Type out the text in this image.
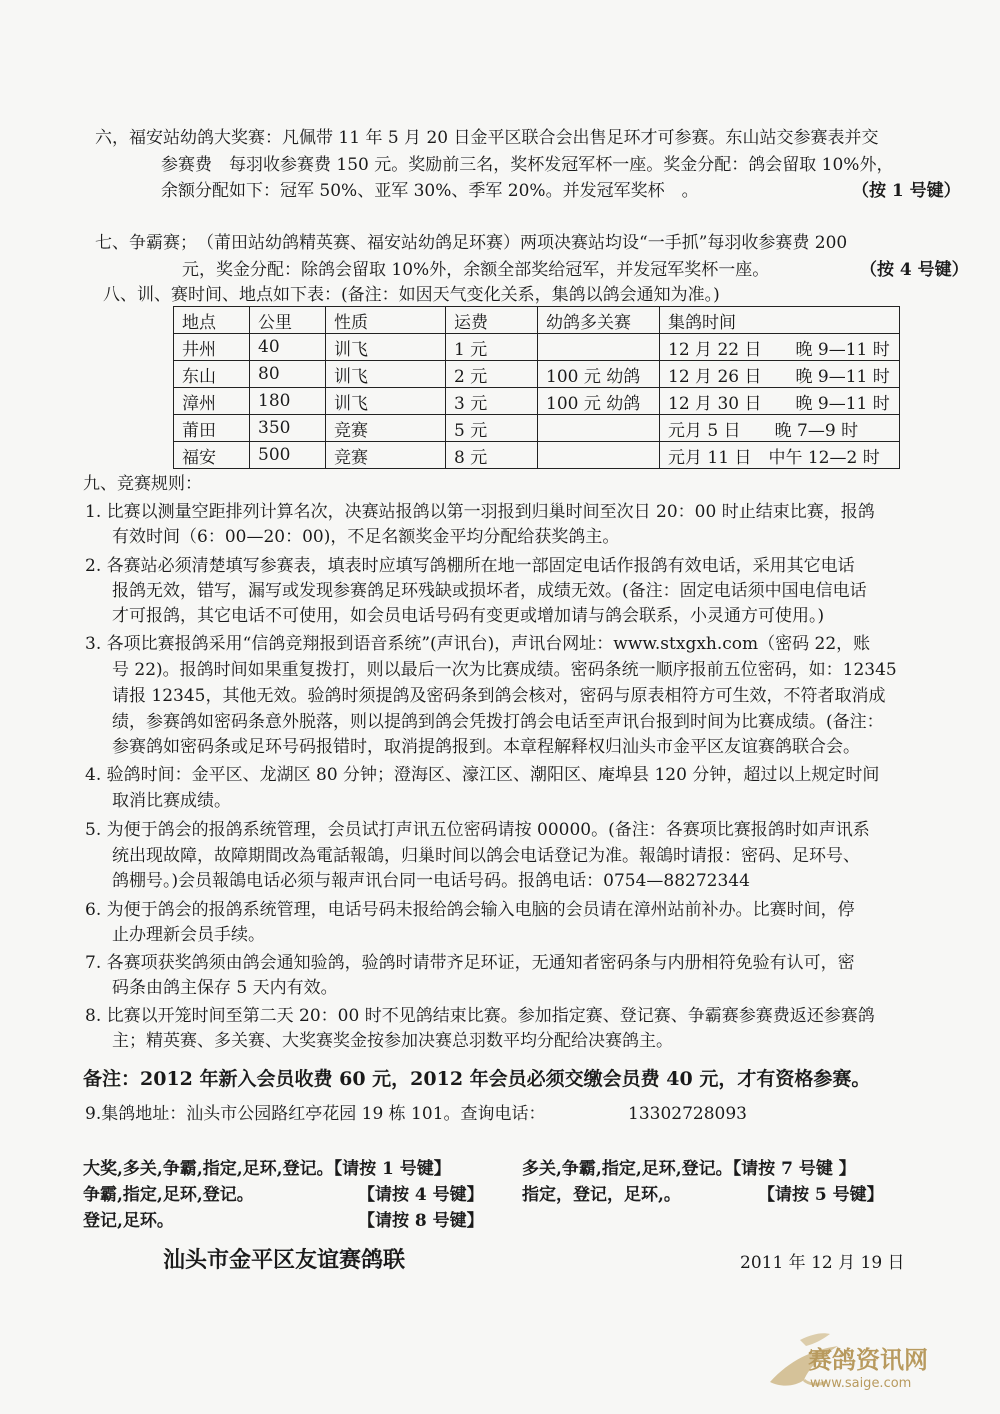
六，福安站幼鸽大奖赛：凡佩带 11 年 5 月 20 日金平区联合会出售足环才可参赛。东山站交参赛表并交
参赛费　每羽收参赛费 150 元。奖励前三名，奖杯发冠军杯一座。奖金分配：鸽会留取 10%外，
余额分配如下：冠军 50%、亚军 30%、季军 20%。并发冠军奖杯　。	（按 1 号键）
七、争霸赛；　（莆田站幼鸽精英赛、福安站幼鸽足环赛）两项决赛站均设“一手抓”每羽收参赛费 200
元，奖金分配：除鸽会留取 10%外，余额全部奖给冠军，并发冠军奖杯一座。	（按 4 号键）
八、训、赛时间、地点如下表：(备注：如因天气变化关系，集鸽以鸽会通知为准。)
地点	公里	性质	运费	幼鸽多关赛	集鸽时间
井州	40	训飞	1 元		12 月 22 日　　晚 9—11 时
东山	80	训飞	2 元	100 元 幼鸽	12 月 26 日　　晚 9—11 时
漳州	180	训飞	3 元	100 元 幼鸽	12 月 30 日　　晚 9—11 时
莆田	350	竞赛	5 元		元月 5 日　　晚 7—9 时
福安	500	竞赛	8 元		元月 11 日　中午 12—2 时
九、竞赛规则：
1. 比赛以测量空距排列计算名次，决赛站报鸽以第一羽报到归巢时间至次日 20：00 时止结束比赛，报鸽
有效时间（6：00—20：00)，不足名额奖金平均分配给获奖鸽主。
2. 各赛站必须清楚填写参赛表，填表时应填写鸽棚所在地一部固定电话作报鸽有效电话，采用其它电话
报鸽无效，错写，漏写或发现参赛鸽足环残缺或损坏者，成绩无效。(备注：固定电话须中国电信电话
才可报鸽，其它电话不可使用，如会员电话号码有变更或增加请与鸽会联系，小灵通方可使用。)
3. 各项比赛报鸽采用“信鸽竞翔报到语音系统”(声讯台)，声讯台网址：www.stxgxh.com（密码 22，账
号 22)。报鸽时间如果重复拨打，则以最后一次为比赛成绩。密码条统一顺序报前五位密码，如：12345
请报 12345，其他无效。验鸽时须提鸽及密码条到鸽会核对，密码与原表相符方可生效，不符者取消成
绩，参赛鸽如密码条意外脱落，则以提鸽到鸽会凭拨打鸽会电话至声讯台报到时间为比赛成绩。(备注：
参赛鸽如密码条或足环号码报错时，取消提鸽报到。本章程解释权归汕头市金平区友谊赛鸽联合会。
4. 验鸽时间：金平区、龙湖区 80 分钟；澄海区、濠江区、潮阳区、庵埠县 120 分钟，超过以上规定时间
取消比赛成绩。
5. 为便于鸽会的报鸽系统管理，会员试打声讯五位密码请按 00000。(备注：各赛项比赛报鸽时如声讯系
统出现故障，故障期間改為電話報鴿，归巢时间以鸽会电话登记为准。報鴿时请报：密码、足环号、
鸽棚号。)会员報鴿电话必须与報声讯台同一电话号码。报鸽电话：0754—88272344
6. 为便于鸽会的报鸽系统管理，电话号码未报给鸽会输入电脑的会员请在漳州站前补办。比赛时间，停
止办理新会员手续。
7. 各赛项获奖鸽须由鸽会通知验鸽，验鸽时请带齐足环证，无通知者密码条与内册相符免验有认可，密
码条由鸽主保存 5 天内有效。
8. 比赛以开笼时间至第二天 20：00 时不见鸽结束比赛。参加指定赛、登记赛、争霸赛参赛费返还参赛鸽
主；精英赛、多关赛、大奖赛奖金按参加决赛总羽数平均分配给决赛鸽主。
备注：2012 年新入会员收费 60 元，2012 年会员必须交缴会员费 40 元，才有资格参赛。
9.集鸽地址：汕头市公园路红亭花园 19 栋 101。查询电话：	13302728093
大奖,多关,争霸,指定,足环,登记。【请按 1 号键】	多关,争霸,指定,足环,登记。【请按 7 号键 】
争霸,指定,足环,登记。	【请按 4 号键】 指定，登记，足环,。	【请按 5 号键】
登记,足环。	【请按 8 号键】
汕头市金平区友谊赛鸽联	2011 年 12 月 19 日
赛鸽资讯网
www.saige.com
